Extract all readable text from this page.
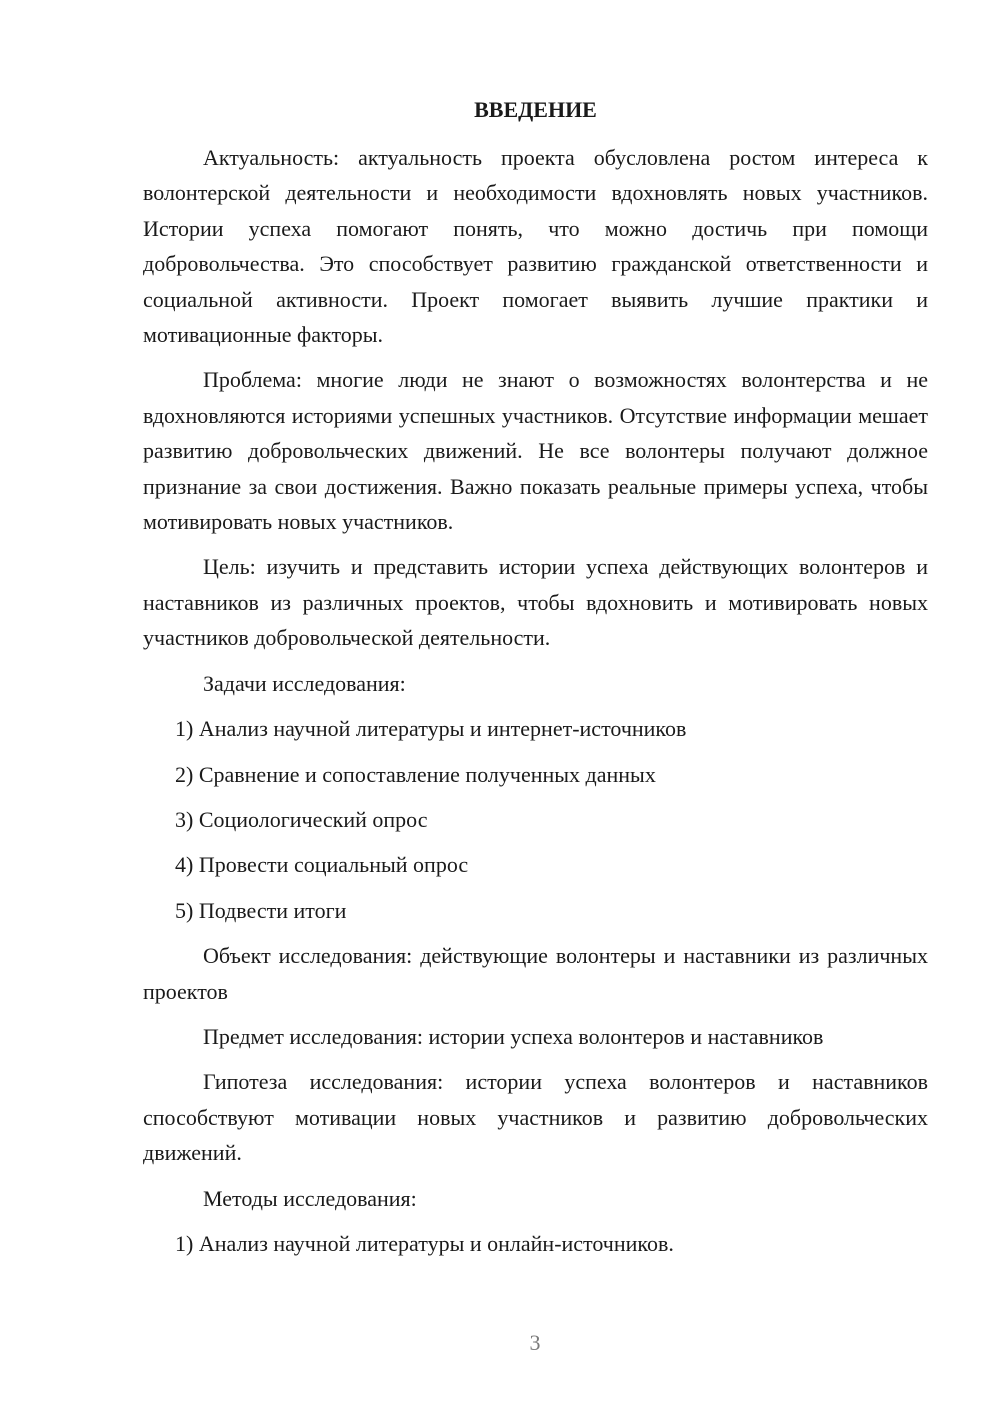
ВВЕДЕНИЕ

Актуальность: актуальность проекта обусловлена ростом интереса к волонтерской деятельности и необходимости вдохновлять новых участников. Истории успеха помогают понять, что можно достичь при помощи добровольчества. Это способствует развитию гражданской ответственности и социальной активности. Проект помогает выявить лучшие практики и мотивационные факторы.

Проблема: многие люди не знают о возможностях волонтерства и не вдохновляются историями успешных участников. Отсутствие информации мешает развитию добровольческих движений. Не все волонтеры получают должное признание за свои достижения. Важно показать реальные примеры успеха, чтобы мотивировать новых участников.

Цель: изучить и представить истории успеха действующих волонтеров и наставников из различных проектов, чтобы вдохновить и мотивировать новых участников добровольческой деятельности.

Задачи исследования:

1) Анализ научной литературы и интернет-источников

2) Сравнение и сопоставление полученных данных

3) Социологический опрос

4) Провести социальный опрос

5) Подвести итоги

Объект исследования: действующие волонтеры и наставники из различных проектов

Предмет исследования: истории успеха волонтеров и наставников

Гипотеза исследования: истории успеха волонтеров и наставников способствуют мотивации новых участников и развитию добровольческих движений.

Методы исследования:

1) Анализ научной литературы и онлайн-источников.

3
